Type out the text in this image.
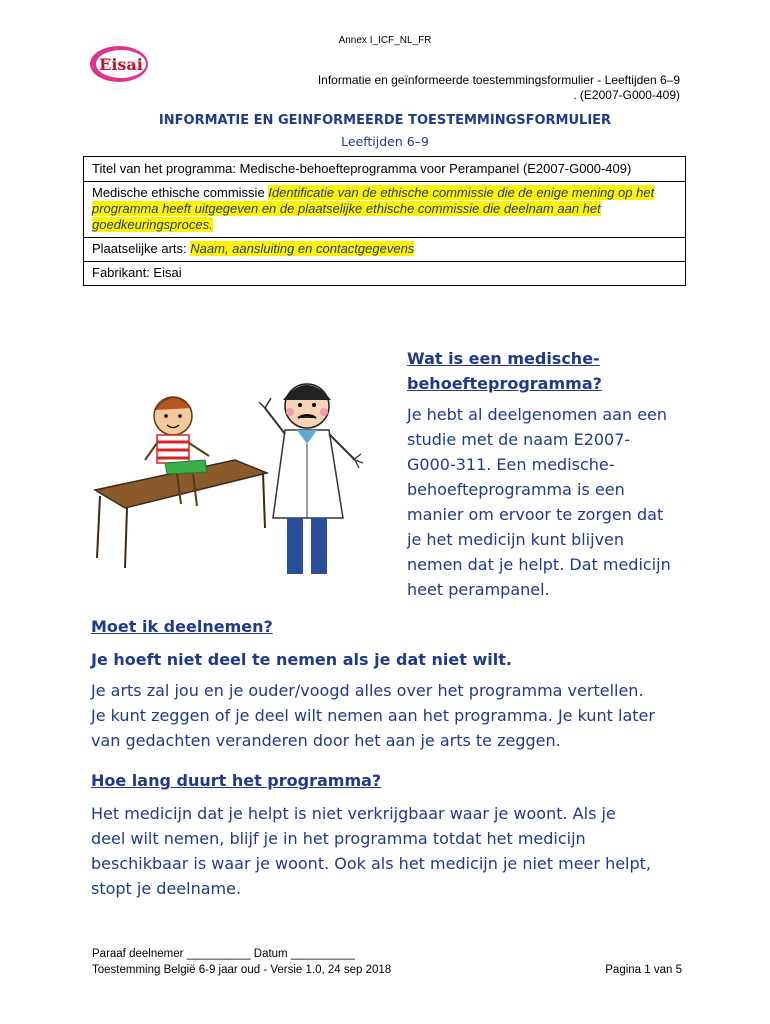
Annex I_ICF_NL_FR
Eisai
Informatie en geïnformeerde toestemmingsformulier - Leeftijden 6–9
. (E2007-G000-409)
INFORMATIE EN GEINFORMEERDE TOESTEMMINGSFORMULIER
Leeftijden 6–9
Titel van het programma: Medische-behoefteprogramma voor Perampanel (E2007-G000-409)
Medische ethische commissie Identificatie van de ethische commissie die de enige mening op het programma heeft uitgegeven en de plaatselijke ethische commissie die deelnam aan het goedkeuringsproces.
Plaatselijke arts: Naam, aansluiting en contactgegevens
Fabrikant: Eisai
Wat is een medische-
behoefteprogramma?
Je hebt al deelgenomen aan een
studie met de naam E2007-
G000-311. Een medische-
behoefteprogramma is een
manier om ervoor te zorgen dat
je het medicijn kunt blijven
nemen dat je helpt. Dat medicijn
heet perampanel.
Moet ik deelnemen?
Je hoeft niet deel te nemen als je dat niet wilt.
Je arts zal jou en je ouder/voogd alles over het programma vertellen.
Je kunt zeggen of je deel wilt nemen aan het programma. Je kunt later
van gedachten veranderen door het aan je arts te zeggen.
Hoe lang duurt het programma?
Het medicijn dat je helpt is niet verkrijgbaar waar je woont. Als je
deel wilt nemen, blijf je in het programma totdat het medicijn
beschikbaar is waar je woont. Ook als het medicijn je niet meer helpt,
stopt je deelname.
Paraaf deelnemer __________ Datum __________
Toestemming België 6-9 jaar oud - Versie 1.0, 24 sep 2018	Pagina 1 van 5
